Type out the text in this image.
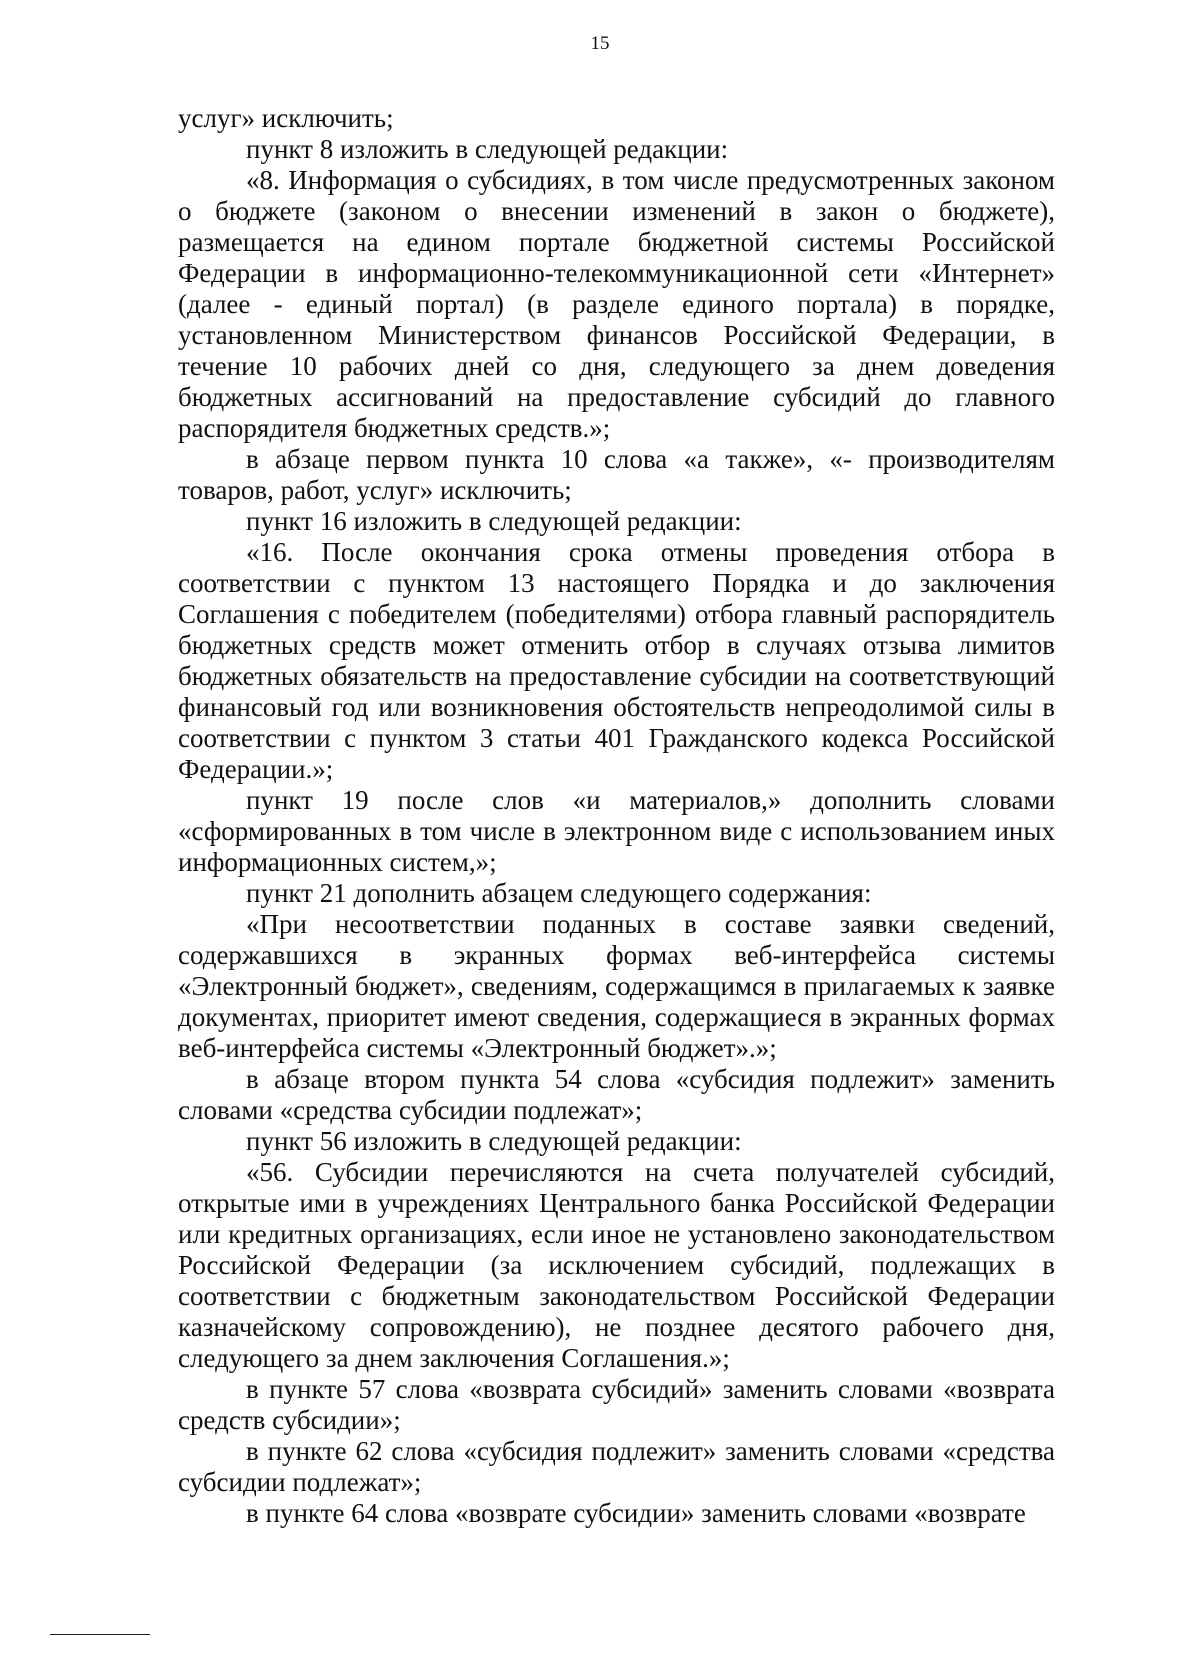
15

услуг» исключить;

пункт 8 изложить в следующей редакции:

«8. Информация о субсидиях, в том числе предусмотренных законом о бюджете (законом о внесении изменений в закон о бюджете), размещается на едином портале бюджетной системы Российской Федерации в информационно-телекоммуникационной сети «Интернет» (далее - единый портал) (в разделе единого портала) в порядке, установленном Министерством финансов Российской Федерации, в течение 10 рабочих дней со дня, следующего за днем доведения бюджетных ассигнований на предоставление субсидий до главного распорядителя бюджетных средств.»;

в абзаце первом пункта 10 слова «а также», «- производителям товаров, работ, услуг» исключить;

пункт 16 изложить в следующей редакции:

«16. После окончания срока отмены проведения отбора в соответствии с пунктом 13 настоящего Порядка и до заключения Соглашения с победителем (победителями) отбора главный распорядитель бюджетных средств может отменить отбор в случаях отзыва лимитов бюджетных обязательств на предоставление субсидии на соответствующий финансовый год или возникновения обстоятельств непреодолимой силы в соответствии с пунктом 3 статьи 401 Гражданского кодекса Российской Федерации.»;

пункт 19 после слов «и материалов,» дополнить словами «сформированных в том числе в электронном виде с использованием иных информационных систем,»;

пункт 21 дополнить абзацем следующего содержания:

«При несоответствии поданных в составе заявки сведений, содержавшихся в экранных формах веб-интерфейса системы «Электронный бюджет», сведениям, содержащимся в прилагаемых к заявке документах, приоритет имеют сведения, содержащиеся в экранных формах веб-интерфейса системы «Электронный бюджет».»;

в абзаце втором пункта 54 слова «субсидия подлежит» заменить словами «средства субсидии подлежат»;

пункт 56 изложить в следующей редакции:

«56. Субсидии перечисляются на счета получателей субсидий, открытые ими в учреждениях Центрального банка Российской Федерации или кредитных организациях, если иное не установлено законодательством Российской Федерации (за исключением субсидий, подлежащих в соответствии с бюджетным законодательством Российской Федерации казначейскому сопровождению), не позднее десятого рабочего дня, следующего за днем заключения Соглашения.»;

в пункте 57 слова «возврата субсидий» заменить словами «возврата средств субсидии»;

в пункте 62 слова «субсидия подлежит» заменить словами «средства субсидии подлежат»;

в пункте 64 слова «возврате субсидии» заменить словами «возврате
